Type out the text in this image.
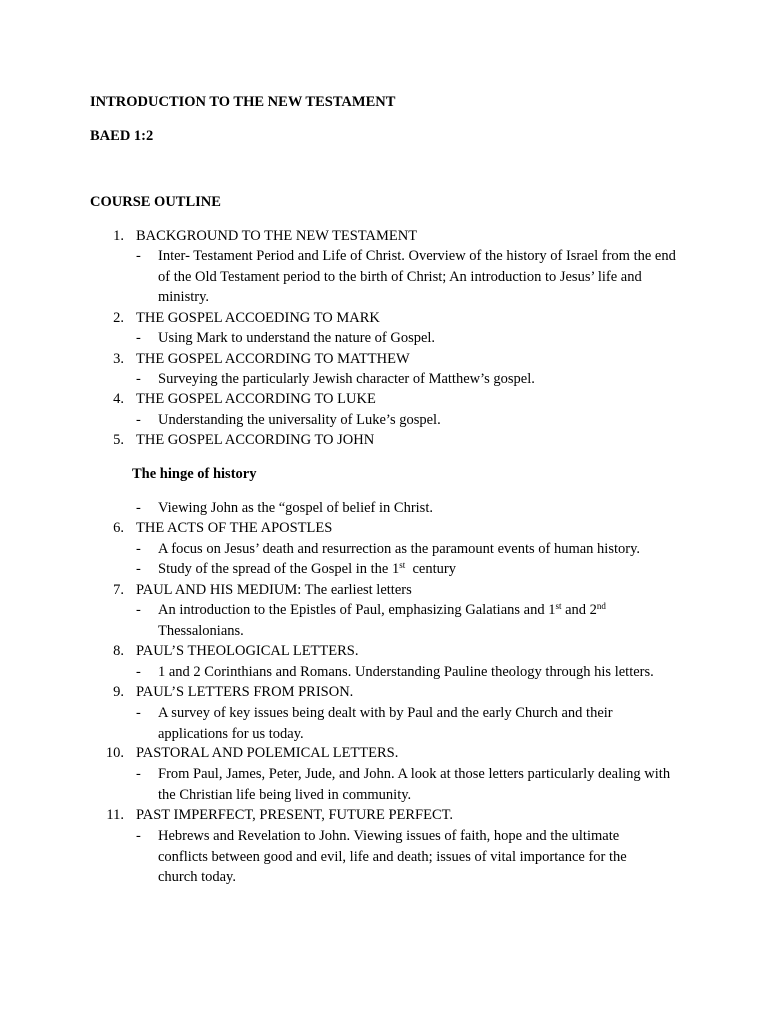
INTRODUCTION TO THE NEW TESTAMENT

BAED 1:2

COURSE OUTLINE

1. BACKGROUND TO THE NEW TESTAMENT
- Inter- Testament Period and Life of Christ. Overview of the history of Israel from the end of the Old Testament period to the birth of Christ; An introduction to Jesus’ life and ministry.
2. THE GOSPEL ACCOEDING TO MARK
- Using Mark to understand the nature of Gospel.
3. THE GOSPEL ACCORDING TO MATTHEW
- Surveying the particularly Jewish character of Matthew’s gospel.
4. THE GOSPEL ACCORDING TO LUKE
- Understanding the universality of Luke’s gospel.
5. THE GOSPEL ACCORDING TO JOHN
The hinge of history
- Viewing John as the “gospel of belief in Christ.
6. THE ACTS OF THE APOSTLES
- A focus on Jesus’ death and resurrection as the paramount events of human history.
- Study of the spread of the Gospel in the 1st  century
7. PAUL AND HIS MEDIUM: The earliest letters
- An introduction to the Epistles of Paul, emphasizing Galatians and 1st and 2nd
Thessalonians.
8. PAUL’S THEOLOGICAL LETTERS.
- 1 and 2 Corinthians and Romans. Understanding Pauline theology through his letters.
9. PAUL’S LETTERS FROM PRISON.
- A survey of key issues being dealt with by Paul and the early Church and their applications for us today.
10. PASTORAL AND POLEMICAL LETTERS.
- From Paul, James, Peter, Jude, and John. A look at those letters particularly dealing with the Christian life being lived in community.
11. PAST IMPERFECT, PRESENT, FUTURE PERFECT.
- Hebrews and Revelation to John. Viewing issues of faith, hope and the ultimate conflicts between good and evil, life and death; issues of vital importance for the church today.
